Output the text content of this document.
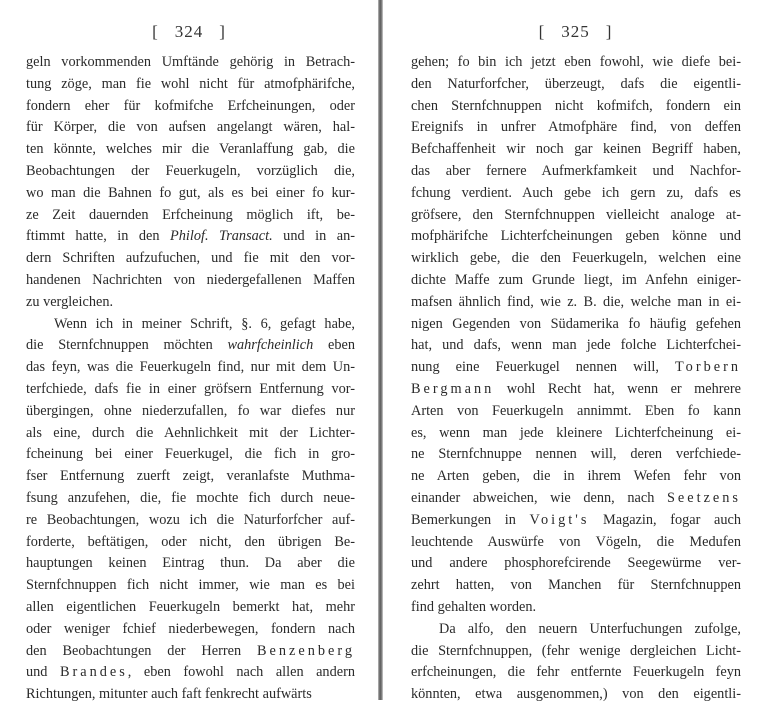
[ 324 ]
geln vorkommenden Umftände gehörig in Betrach-
tung zöge, man fie wohl nicht für atmofphärifche,
fondern eher für kofmifche Erfcheinungen, oder
für Körper, die von aufsen angelangt wären, hal-
ten könnte, welches mir die Veranlaffung gab, die
Beobachtungen der Feuerkugeln, vorzüglich die,
wo man die Bahnen fo gut, als es bei einer fo kur-
ze Zeit dauernden Erfcheinung möglich ift, be-
ftimmt hatte, in den Philof. Transact. und in an-
dern Schriften aufzufuchen, und fie mit den vor-
handenen Nachrichten von niedergefallenen Maffen
zu vergleichen.
Wenn ich in meiner Schrift, §. 6, gefagt habe,
die Sternfchnuppen möchten wahrfcheinlich eben
das feyn, was die Feuerkugeln find, nur mit dem Un-
terfchiede, dafs fie in einer gröfsern Entfernung vor-
übergingen, ohne niederzufallen, fo war diefes nur
als eine, durch die Aehnlichkeit mit der Lichter-
fcheinung bei einer Feuerkugel, die fich in gro-
fser Entfernung zuerft zeigt, veranlafste Muthma-
fsung anzufehen, die, fie mochte fich durch neue-
re Beobachtungen, wozu ich die Naturforfcher auf-
forderte, beftätigen, oder nicht, den übrigen Be-
hauptungen keinen Eintrag thun. Da aber die
Sternfchnuppen fich nicht immer, wie man es bei
allen eigentlichen Feuerkugeln bemerkt hat, mehr
oder weniger fchief niederbewegen, fondern nach
den Beobachtungen der Herren Benzenberg
und Brandes, eben fowohl nach allen andern
Richtungen, mitunter auch faft fenkrecht aufwärts
[ 325 ]
gehen; fo bin ich jetzt eben fowohl, wie diefe bei-
den Naturforfcher, überzeugt, dafs die eigentli-
chen Sternfchnuppen nicht kofmifch, fondern ein
Ereignifs in unfrer Atmofphäre find, von deffen
Befchaffenheit wir noch gar keinen Begriff haben,
das aber fernere Aufmerkfamkeit und Nachfor-
fchung verdient. Auch gebe ich gern zu, dafs es
gröfsere, den Sternfchnuppen vielleicht analoge at-
mofphärifche Lichterfcheinungen geben könne und
wirklich gebe, die den Feuerkugeln, welchen eine
dichte Maffe zum Grunde liegt, im Anfehn einiger-
mafsen ähnlich find, wie z. B. die, welche man in ei-
nigen Gegenden von Südamerika fo häufig gefehen
hat, und dafs, wenn man jede folche Lichterfchei-
nung eine Feuerkugel nennen will, Torbern
Bergmann wohl Recht hat, wenn er mehrere
Arten von Feuerkugeln annimmt. Eben fo kann
es, wenn man jede kleinere Lichterfcheinung ei-
ne Sternfchnuppe nennen will, deren verfchiede-
ne Arten geben, die in ihrem Wefen fehr von
einander abweichen, wie denn, nach Seetzens
Bemerkungen in Voigt's Magazin, fogar auch
leuchtende Auswürfe von Vögeln, die Medufen
und andere phosphorefcirende Seegewürme ver-
zehrt hatten, von Manchen für Sternfchnuppen
find gehalten worden.
Da alfo, den neuern Unterfuchungen zufolge,
die Sternfchnuppen, (fehr wenige dergleichen Licht-
erfcheinungen, die fehr entfernte Feuerkugeln feyn
könnten, etwa ausgenommen,) von den eigentli-
